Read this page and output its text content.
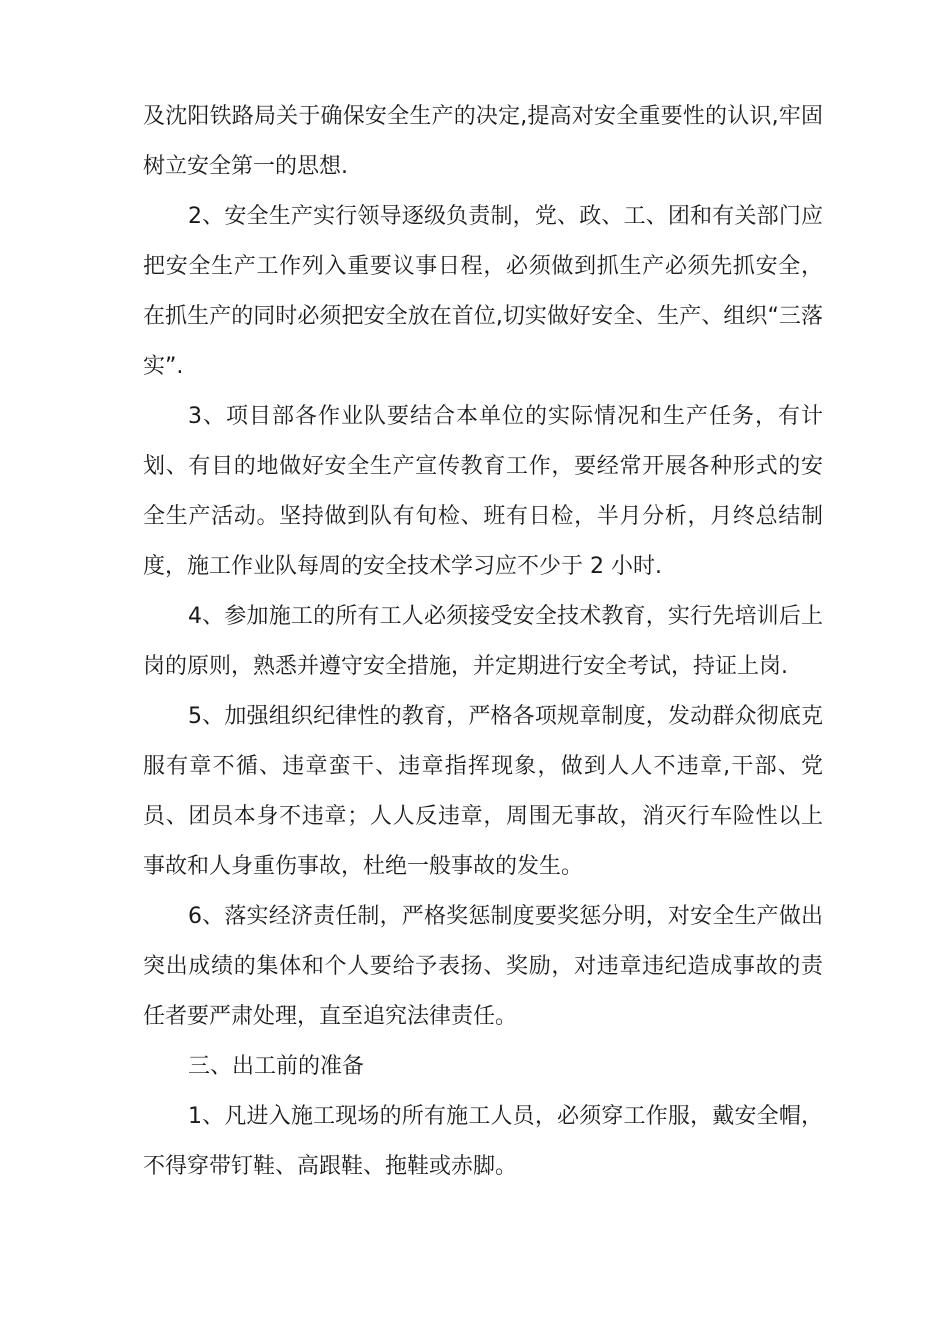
及沈阳铁路局关于确保安全生产的决定,提高对安全重要性的认识,牢固树立安全第一的思想.

2、安全生产实行领导逐级负责制，党、政、工、团和有关部门应把安全生产工作列入重要议事日程，必须做到抓生产必须先抓安全，在抓生产的同时必须把安全放在首位,切实做好安全、生产、组织“三落实”.

3、项目部各作业队要结合本单位的实际情况和生产任务，有计划、有目的地做好安全生产宣传教育工作，要经常开展各种形式的安全生产活动。坚持做到队有旬检、班有日检，半月分析，月终总结制度，施工作业队每周的安全技术学习应不少于 2 小时.

4、参加施工的所有工人必须接受安全技术教育，实行先培训后上岗的原则，熟悉并遵守安全措施，并定期进行安全考试，持证上岗.

5、加强组织纪律性的教育，严格各项规章制度，发动群众彻底克服有章不循、违章蛮干、违章指挥现象，做到人人不违章,干部、党员、团员本身不违章；人人反违章，周围无事故，消灭行车险性以上事故和人身重伤事故，杜绝一般事故的发生。

6、落实经济责任制，严格奖惩制度要奖惩分明，对安全生产做出突出成绩的集体和个人要给予表扬、奖励，对违章违纪造成事故的责任者要严肃处理，直至追究法律责任。

三、出工前的准备

1、凡进入施工现场的所有施工人员，必须穿工作服，戴安全帽，不得穿带钉鞋、高跟鞋、拖鞋或赤脚。
